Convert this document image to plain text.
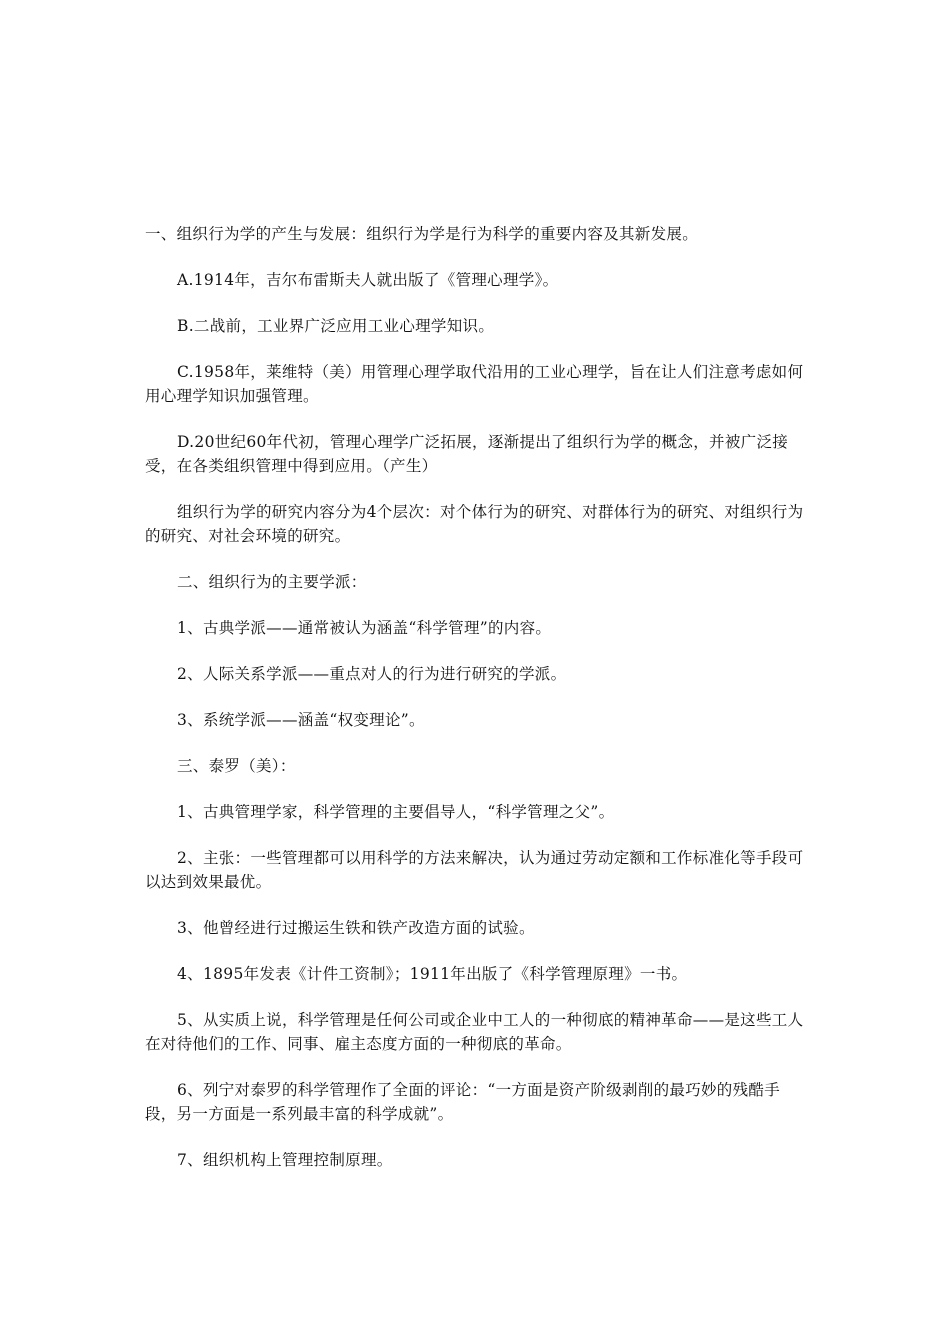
一、组织行为学的产生与发展：组织行为学是行为科学的重要内容及其新发展。

A.1914年，吉尔布雷斯夫人就出版了《管理心理学》。

B.二战前，工业界广泛应用工业心理学知识。

C.1958年，莱维特（美）用管理心理学取代沿用的工业心理学，旨在让人们注意考虑如何用心理学知识加强管理。

D.20世纪60年代初，管理心理学广泛拓展，逐渐提出了组织行为学的概念，并被广泛接受，在各类组织管理中得到应用。（产生）

组织行为学的研究内容分为4个层次：对个体行为的研究、对群体行为的研究、对组织行为的研究、对社会环境的研究。

二、组织行为的主要学派：

1、古典学派——通常被认为涵盖“科学管理”的内容。

2、人际关系学派——重点对人的行为进行研究的学派。

3、系统学派——涵盖“权变理论”。

三、泰罗（美）：

1、古典管理学家，科学管理的主要倡导人，“科学管理之父”。

2、主张：一些管理都可以用科学的方法来解决，认为通过劳动定额和工作标准化等手段可以达到效果最优。

3、他曾经进行过搬运生铁和铁产改造方面的试验。

4、1895年发表《计件工资制》；1911年出版了《科学管理原理》一书。

5、从实质上说，科学管理是任何公司或企业中工人的一种彻底的精神革命——是这些工人在对待他们的工作、同事、雇主态度方面的一种彻底的革命。

6、列宁对泰罗的科学管理作了全面的评论：“一方面是资产阶级剥削的最巧妙的残酷手段，另一方面是一系列最丰富的科学成就”。

7、组织机构上管理控制原理。
